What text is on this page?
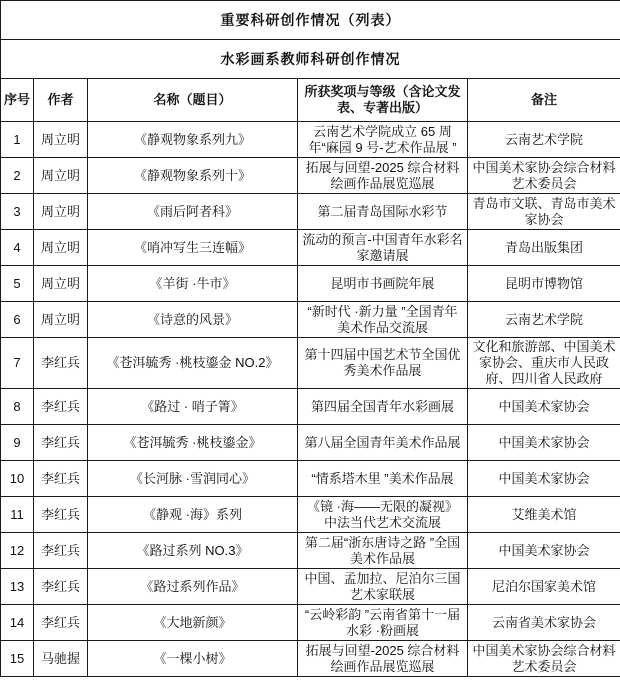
重要科研创作情况（列表）				
水彩画系教师科研创作情况				
序号	作者	名称（题目）	所获奖项与等级（含论文发表、专著出版）	备注
1	周立明	《静观物象系列九》	云南艺术学院成立 65 周年“麻园 9 号-艺术作品展 ”	云南艺术学院
2	周立明	《静观物象系列十》	拓展与回望-2025 综合材料绘画作品展览巡展	中国美术家协会综合材料艺术委员会
3	周立明	《雨后阿者科》	第二届青岛国际水彩节	青岛市文联、青岛市美术家协会
4	周立明	《哨冲写生三连幅》	流动的预言-中国青年水彩名家邀请展	青岛出版集团
5	周立明	《羊街 ·牛市》	昆明市书画院年展	昆明市博物馆
6	周立明	《诗意的风景》	“新时代 ·新力量 ”全国青年美术作品交流展	云南艺术学院
7	李红兵	《苍洱毓秀 ·桃枝鎏金 NO.2》	第十四届中国艺术节全国优秀美术作品展	文化和旅游部、中国美术家协会、重庆市人民政府、四川省人民政府
8	李红兵	《路过 · 哨子箐》	第四届全国青年水彩画展	中国美术家协会
9	李红兵	《苍洱毓秀 ·桃枝鎏金》	第八届全国青年美术作品展	中国美术家协会
10	李红兵	《长河脉 ·雪润同心》	“情系塔木里 ”美术作品展	中国美术家协会
11	李红兵	《静观 ·海》系列	《镜 ·海——无限的凝视》中法当代艺术交流展	艾维美术馆
12	李红兵	《路过系列 NO.3》	第二届“浙东唐诗之路 ”全国美术作品展	中国美术家协会
13	李红兵	《路过系列作品》	中国、孟加拉、尼泊尔三国艺术家联展	尼泊尔国家美术馆
14	李红兵	《大地新颜》	“云岭彩韵 ”云南省第十一届水彩 ·粉画展	云南省美术家协会
15	马驰握	《一棵小树》	拓展与回望-2025 综合材料绘画作品展览巡展	中国美术家协会综合材料艺术委员会
